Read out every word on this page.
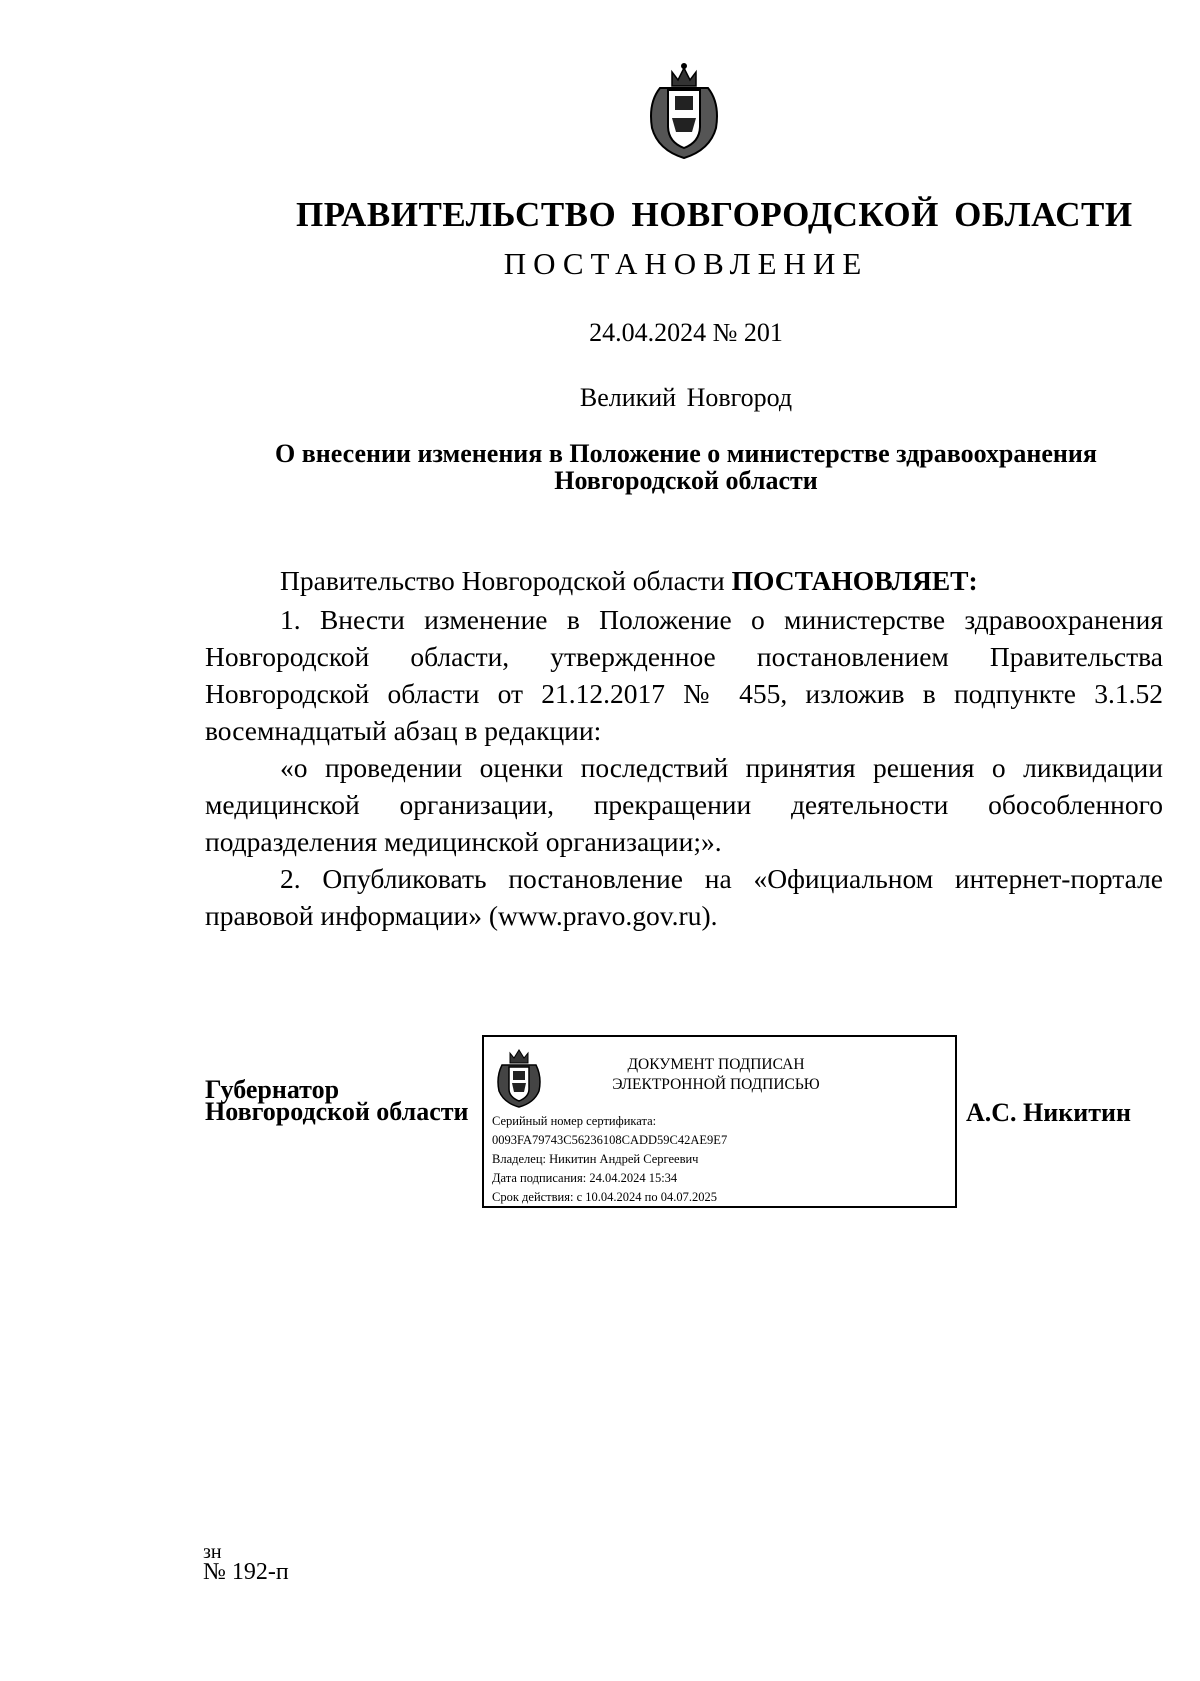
ПРАВИТЕЛЬСТВО НОВГОРОДСКОЙ ОБЛАСТИ
ПОСТАНОВЛЕНИЕ
24.04.2024 № 201
Великий Новгород
О внесении изменения в Положение о министерстве здравоохранения
Новгородской области

Правительство Новгородской области ПОСТАНОВЛЯЕТ:

1. Внести изменение в Положение о министерстве здравоохранения Новгородской области, утвержденное постановлением Правительства Новгородской области от 21.12.2017 № 455, изложив в подпункте 3.1.52 восемнадцатый абзац в редакции:

«о проведении оценки последствий принятия решения о ликвидации медицинской организации, прекращении деятельности обособленного подразделения медицинской организации;».

2. Опубликовать постановление на «Официальном интернет-портале правовой информации» (www.pravo.gov.ru).

Губернатор
Новгородской области
ДОКУМЕНТ ПОДПИСАН
ЭЛЕКТРОННОЙ ПОДПИСЬЮ
Серийный номер сертификата:
0093FA79743C56236108CADD59C42AE9E7
Владелец: Никитин Андрей Сергеевич
Дата подписания: 24.04.2024 15:34
Срок действия: с 10.04.2024 по 04.07.2025
А.С. Никитин
зн
№ 192-п
